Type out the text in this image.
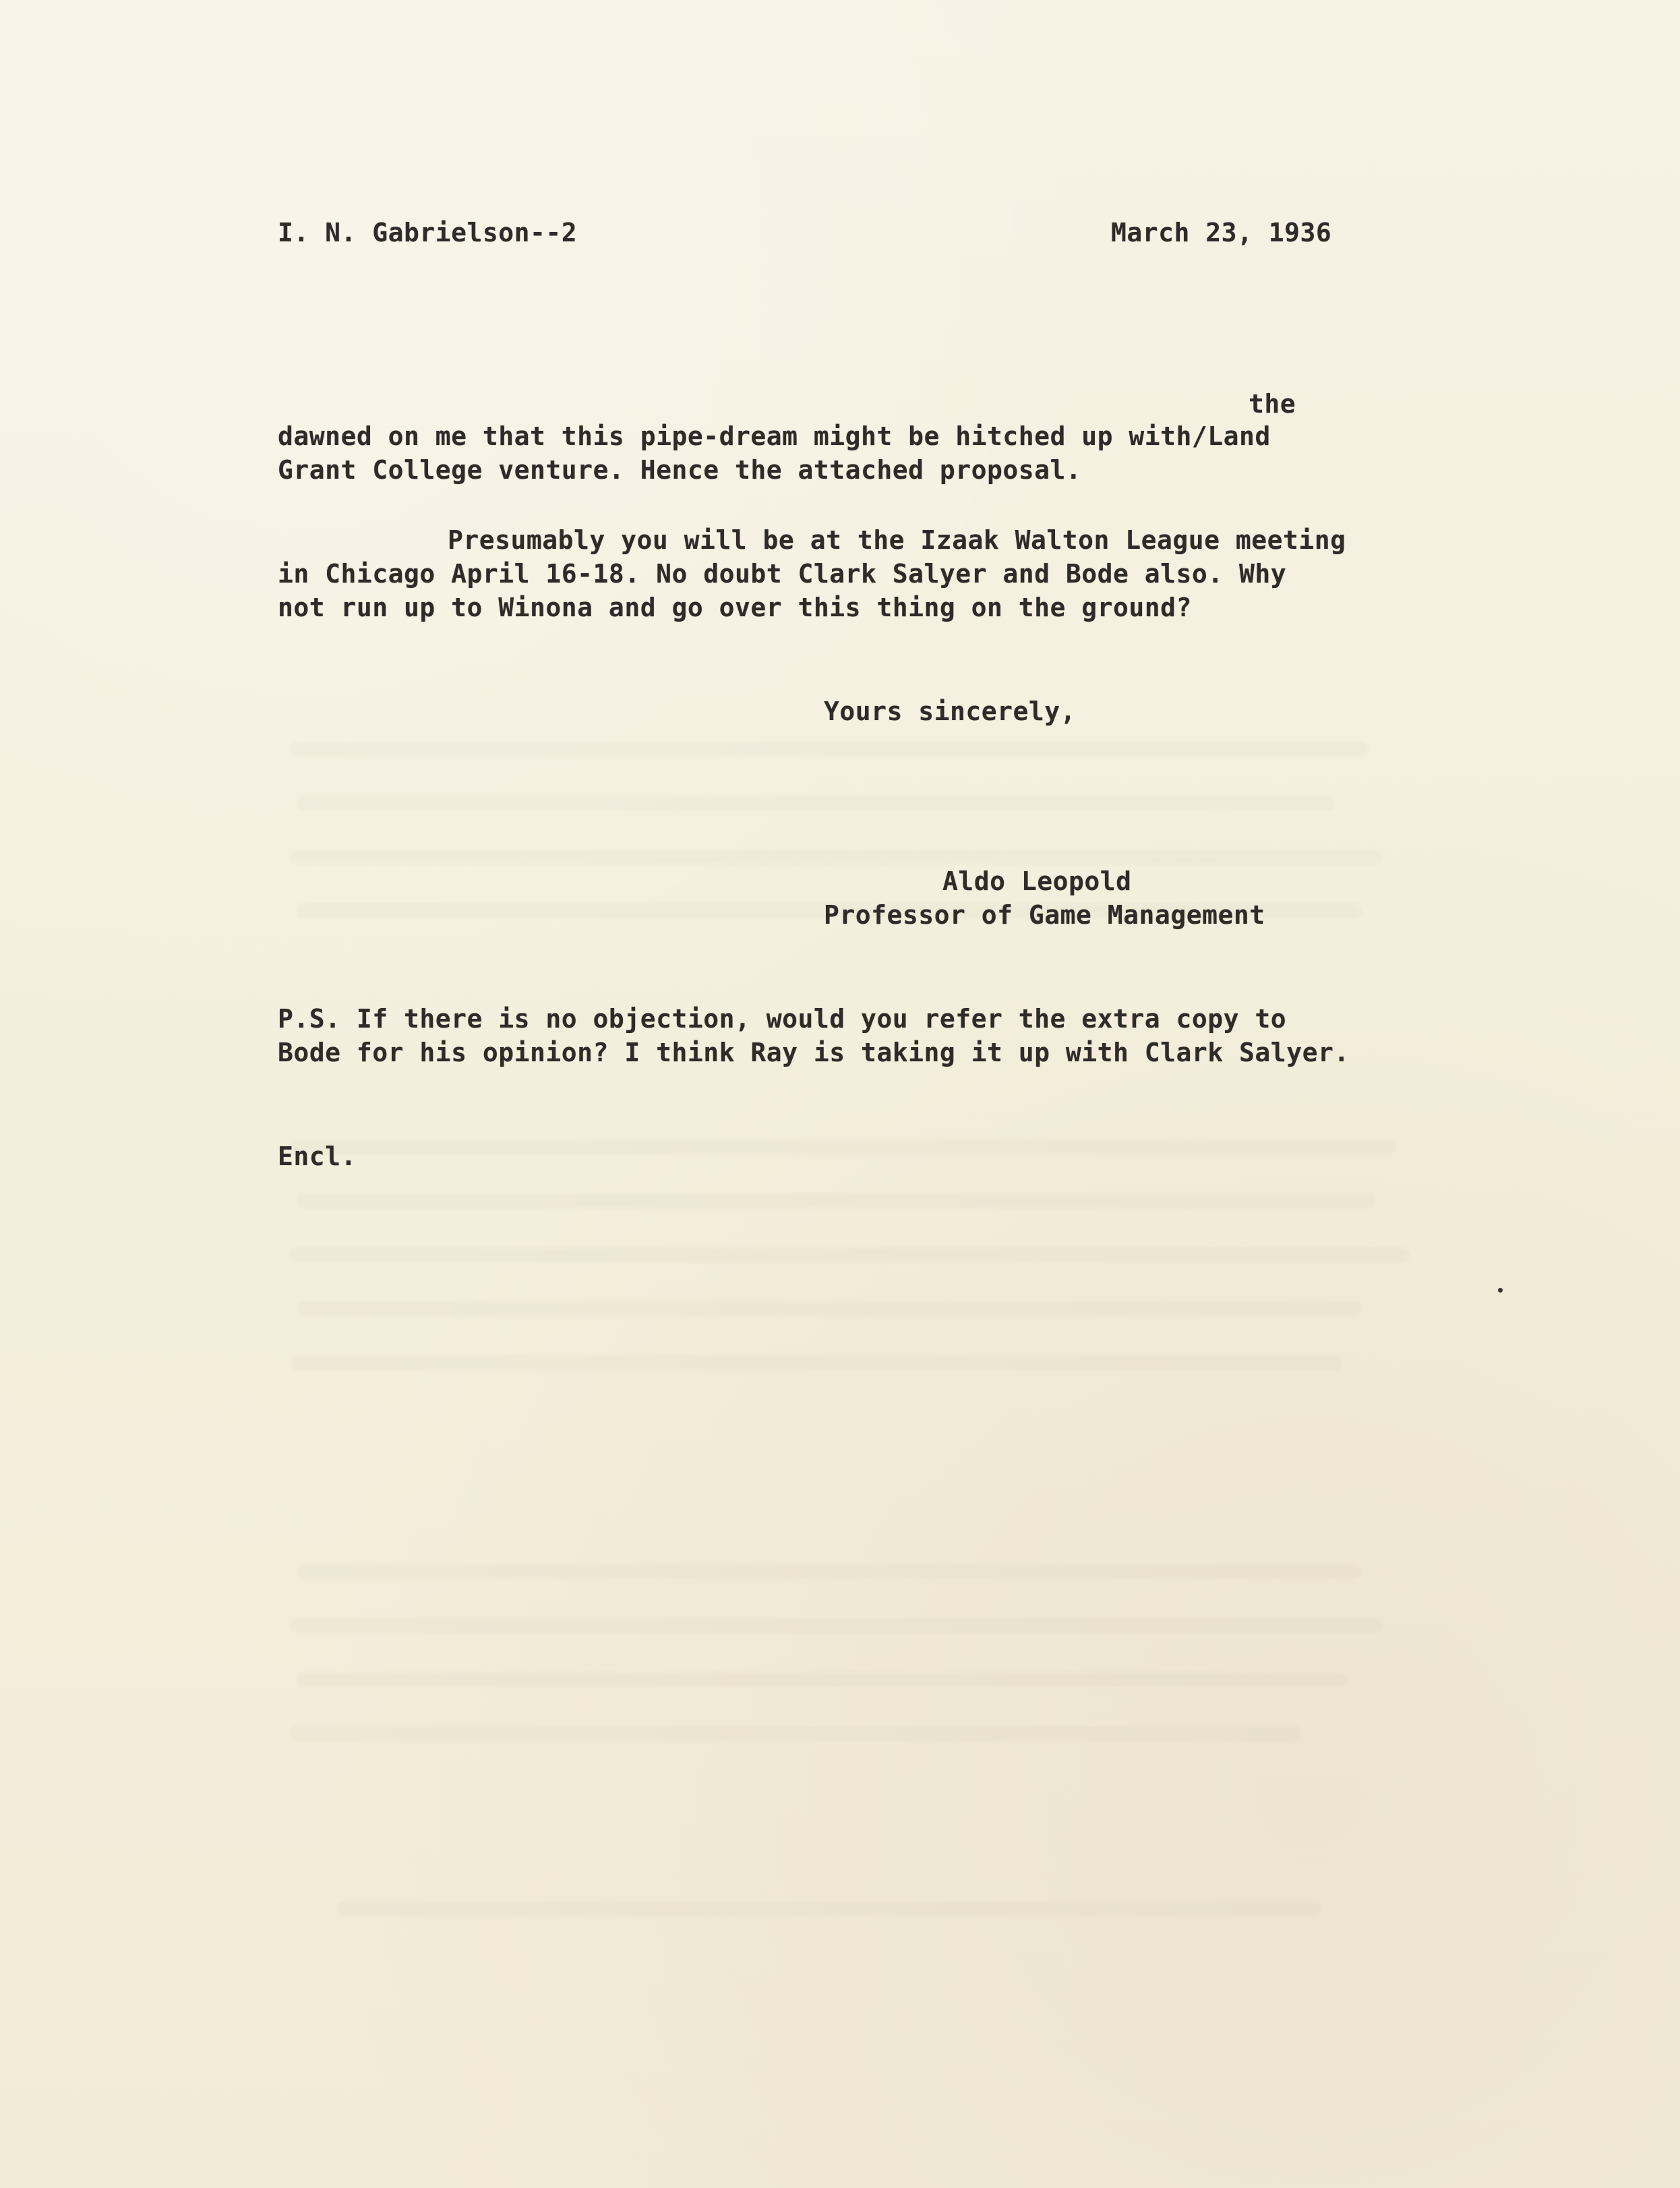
I. N. Gabrielson--2	March 23, 1936
the
dawned on me that this pipe-dream might be hitched up with/Land
Grant College venture. Hence the attached proposal.
Presumably you will be at the Izaak Walton League meeting
in Chicago April 16-18. No doubt Clark Salyer and Bode also. Why
not run up to Winona and go over this thing on the ground?
Yours sincerely,
Aldo Leopold
Professor of Game Management
P.S. If there is no objection, would you refer the extra copy to
Bode for his opinion? I think Ray is taking it up with Clark Salyer.
Encl.
